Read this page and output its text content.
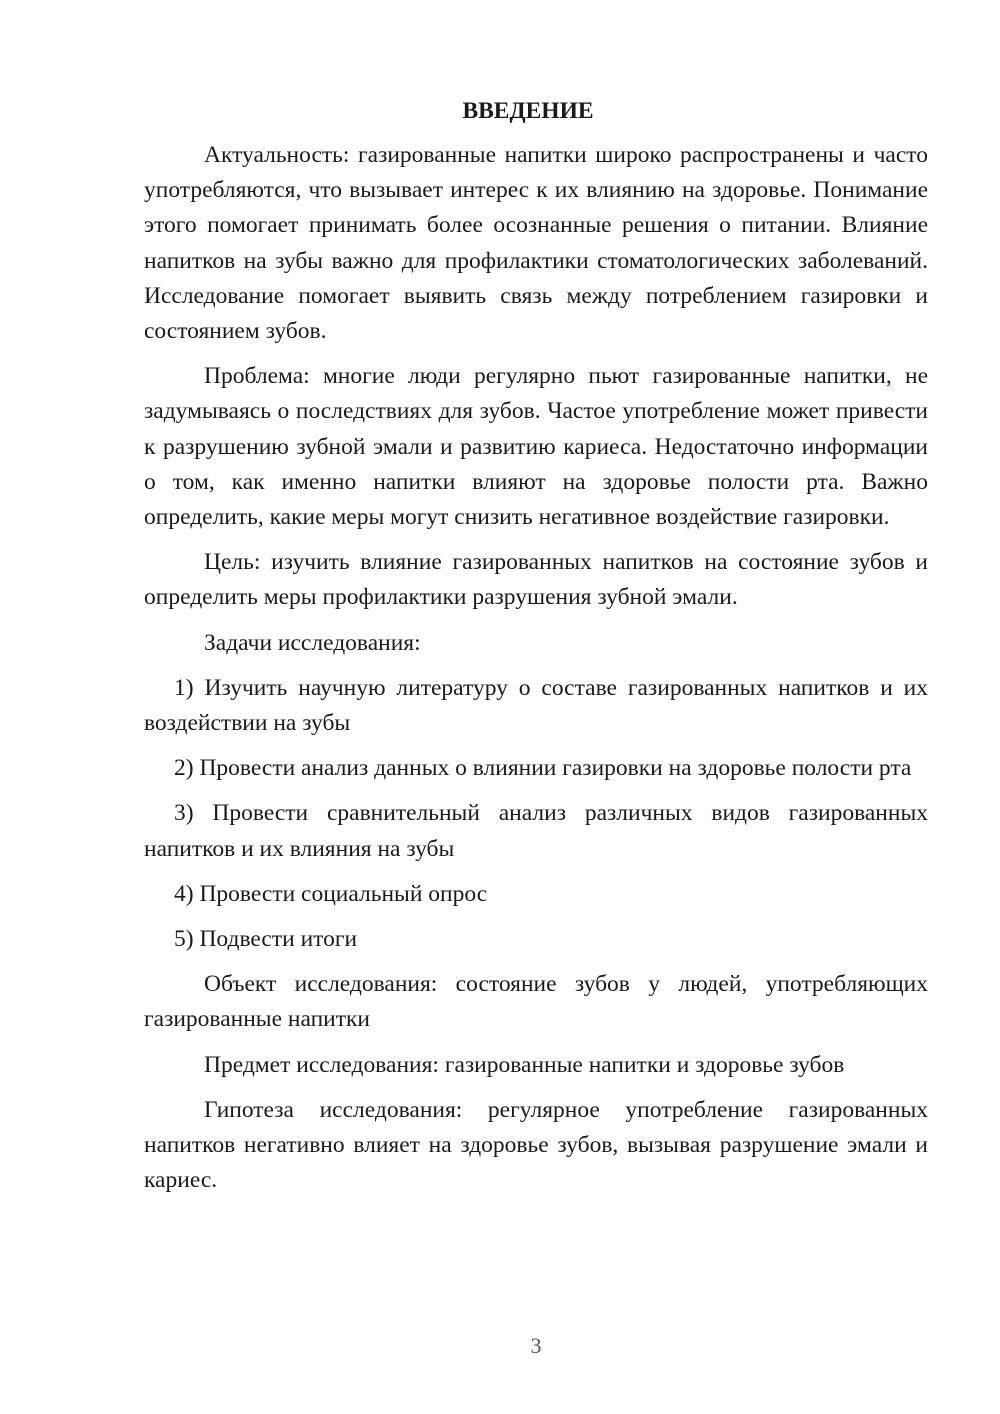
ВВЕДЕНИЕ

Актуальность: газированные напитки широко распространены и часто употребляются, что вызывает интерес к их влиянию на здоровье. Понимание этого помогает принимать более осознанные решения о питании. Влияние напитков на зубы важно для профилактики стоматологических заболеваний. Исследование помогает выявить связь между потреблением газировки и состоянием зубов.

Проблема: многие люди регулярно пьют газированные напитки, не задумываясь о последствиях для зубов. Частое употребление может привести к разрушению зубной эмали и развитию кариеса. Недостаточно информации о том, как именно напитки влияют на здоровье полости рта. Важно определить, какие меры могут снизить негативное воздействие газировки.

Цель: изучить влияние газированных напитков на состояние зубов и определить меры профилактики разрушения зубной эмали.

Задачи исследования:

1) Изучить научную литературу о составе газированных напитков и их воздействии на зубы

2) Провести анализ данных о влиянии газировки на здоровье полости рта

3) Провести сравнительный анализ различных видов газированных напитков и их влияния на зубы

4) Провести социальный опрос

5) Подвести итоги

Объект исследования: состояние зубов у людей, употребляющих газированные напитки

Предмет исследования: газированные напитки и здоровье зубов

Гипотеза исследования: регулярное употребление газированных напитков негативно влияет на здоровье зубов, вызывая разрушение эмали и кариес.

3
